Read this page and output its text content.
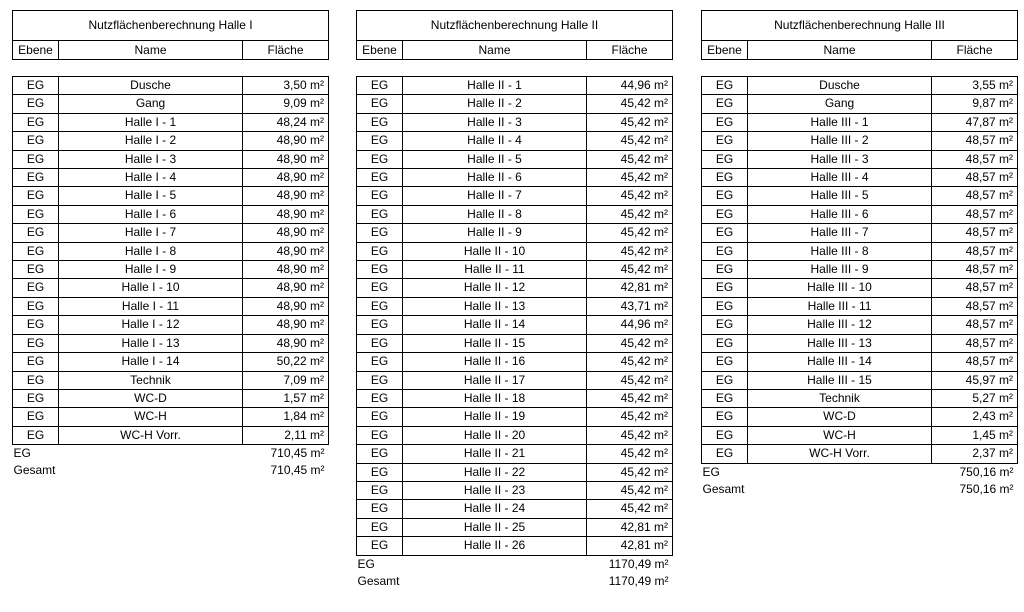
Nutzflächenberechnung Halle I		
Ebene	Name	Fläche

EG	Dusche	3,50 m²
EG	Gang	9,09 m²
EG	Halle I - 1	48,24 m²
EG	Halle I - 2	48,90 m²
EG	Halle I - 3	48,90 m²
EG	Halle I - 4	48,90 m²
EG	Halle I - 5	48,90 m²
EG	Halle I - 6	48,90 m²
EG	Halle I - 7	48,90 m²
EG	Halle I - 8	48,90 m²
EG	Halle I - 9	48,90 m²
EG	Halle I - 10	48,90 m²
EG	Halle I - 11	48,90 m²
EG	Halle I - 12	48,90 m²
EG	Halle I - 13	48,90 m²
EG	Halle I - 14	50,22 m²
EG	Technik	7,09 m²
EG	WC-D	1,57 m²
EG	WC-H	1,84 m²
EG	WC-H Vorr.	2,11 m²
EG		710,45 m²
Gesamt		710,45 m²
Nutzflächenberechnung Halle II		
Ebene	Name	Fläche

EG	Halle II - 1	44,96 m²
EG	Halle II - 2	45,42 m²
EG	Halle II - 3	45,42 m²
EG	Halle II - 4	45,42 m²
EG	Halle II - 5	45,42 m²
EG	Halle II - 6	45,42 m²
EG	Halle II - 7	45,42 m²
EG	Halle II - 8	45,42 m²
EG	Halle II - 9	45,42 m²
EG	Halle II - 10	45,42 m²
EG	Halle II - 11	45,42 m²
EG	Halle II - 12	42,81 m²
EG	Halle II - 13	43,71 m²
EG	Halle II - 14	44,96 m²
EG	Halle II - 15	45,42 m²
EG	Halle II - 16	45,42 m²
EG	Halle II - 17	45,42 m²
EG	Halle II - 18	45,42 m²
EG	Halle II - 19	45,42 m²
EG	Halle II - 20	45,42 m²
EG	Halle II - 21	45,42 m²
EG	Halle II - 22	45,42 m²
EG	Halle II - 23	45,42 m²
EG	Halle II - 24	45,42 m²
EG	Halle II - 25	42,81 m²
EG	Halle II - 26	42,81 m²
EG		1170,49 m²
Gesamt		1170,49 m²
Nutzflächenberechnung Halle III		
Ebene	Name	Fläche

EG	Dusche	3,55 m²
EG	Gang	9,87 m²
EG	Halle III - 1	47,87 m²
EG	Halle III - 2	48,57 m²
EG	Halle III - 3	48,57 m²
EG	Halle III - 4	48,57 m²
EG	Halle III - 5	48,57 m²
EG	Halle III - 6	48,57 m²
EG	Halle III - 7	48,57 m²
EG	Halle III - 8	48,57 m²
EG	Halle III - 9	48,57 m²
EG	Halle III - 10	48,57 m²
EG	Halle III - 11	48,57 m²
EG	Halle III - 12	48,57 m²
EG	Halle III - 13	48,57 m²
EG	Halle III - 14	48,57 m²
EG	Halle III - 15	45,97 m²
EG	Technik	5,27 m²
EG	WC-D	2,43 m²
EG	WC-H	1,45 m²
EG	WC-H Vorr.	2,37 m²
EG		750,16 m²
Gesamt		750,16 m²
